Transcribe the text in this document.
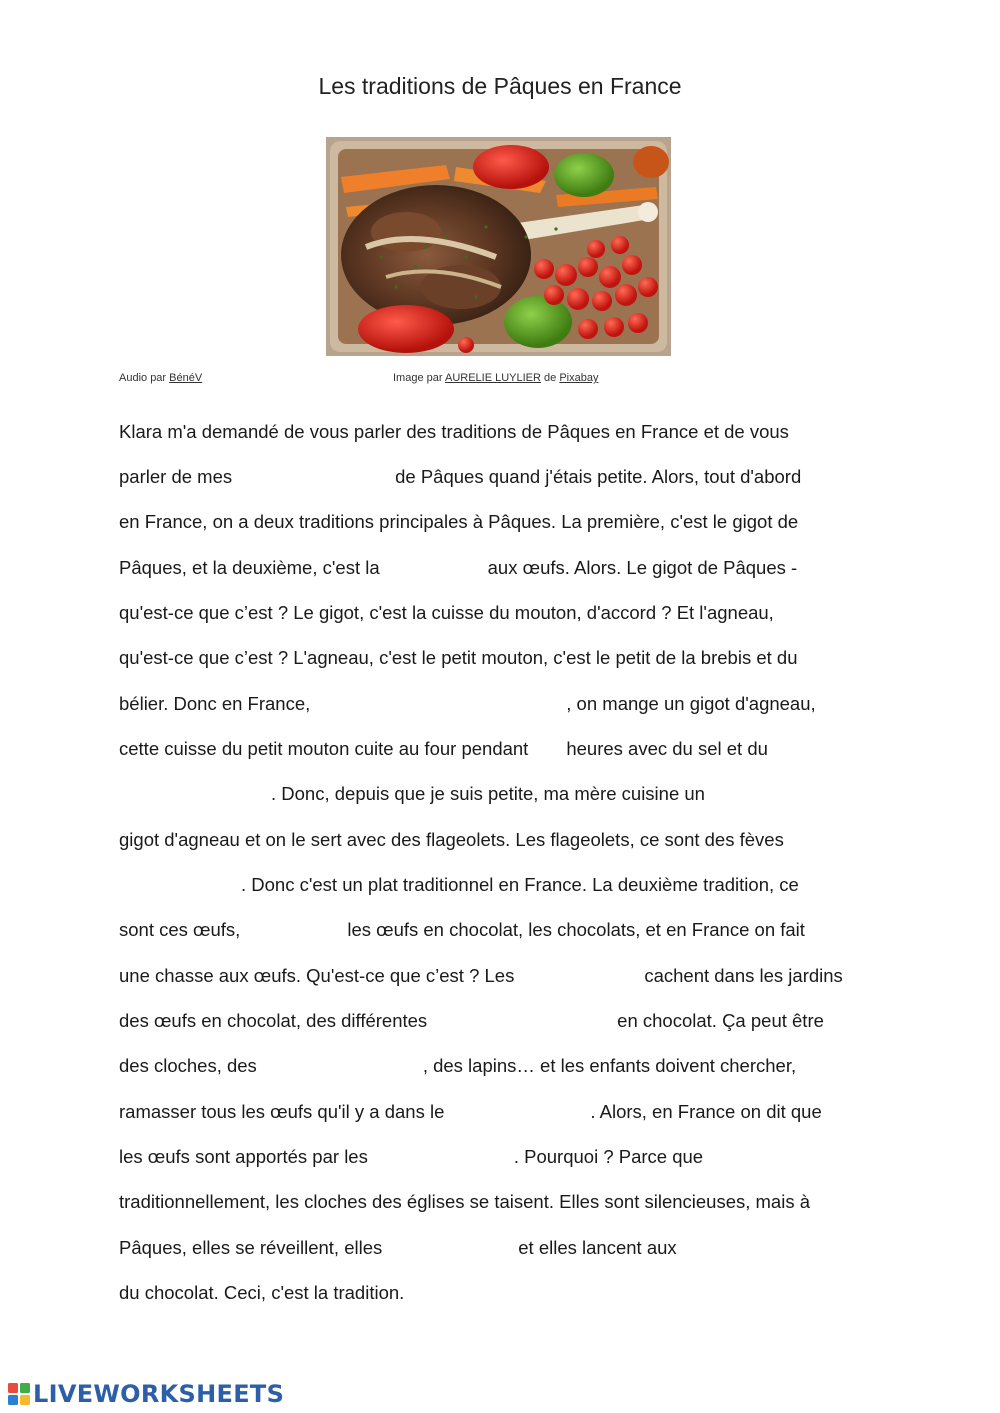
Les traditions de Pâques en France
Audio par BénéV	Image par AURELIE LUYLIER de Pixabay
Klara m'a demandé de vous parler des traditions de Pâques en France et de vous
parler de mes	de Pâques quand j'étais petite. Alors, tout d'abord
en France, on a deux traditions principales à Pâques. La première, c'est le gigot de
Pâques, et la deuxième, c'est la	aux œufs. Alors. Le gigot de Pâques -
qu'est-ce que c’est ? Le gigot, c'est la cuisse du mouton, d'accord ? Et l'agneau,
qu'est-ce que c’est ? L'agneau, c'est le petit mouton, c'est le petit de la brebis et du
bélier. Donc en France,	, on mange un gigot d'agneau,
cette cuisse du petit mouton cuite au four pendant heures avec du sel et du
. Donc, depuis que je suis petite, ma mère cuisine un
gigot d'agneau et on le sert avec des flageolets. Les flageolets, ce sont des fèves
. Donc c'est un plat traditionnel en France. La deuxième tradition, ce
sont ces œufs,	les œufs en chocolat, les chocolats, et en France on fait
une chasse aux œufs. Qu'est-ce que c’est ? Les	cachent dans les jardins
des œufs en chocolat, des différentes	en chocolat. Ça peut être
des cloches, des	, des lapins… et les enfants doivent chercher,
ramasser tous les œufs qu'il y a dans le	. Alors, en France on dit que
les œufs sont apportés par les	. Pourquoi ? Parce que
traditionnellement, les cloches des églises se taisent. Elles sont silencieuses, mais à
Pâques, elles se réveillent, elles	et elles lancent aux
du chocolat. Ceci, c'est la tradition.
LIVEWORKSHEETS
